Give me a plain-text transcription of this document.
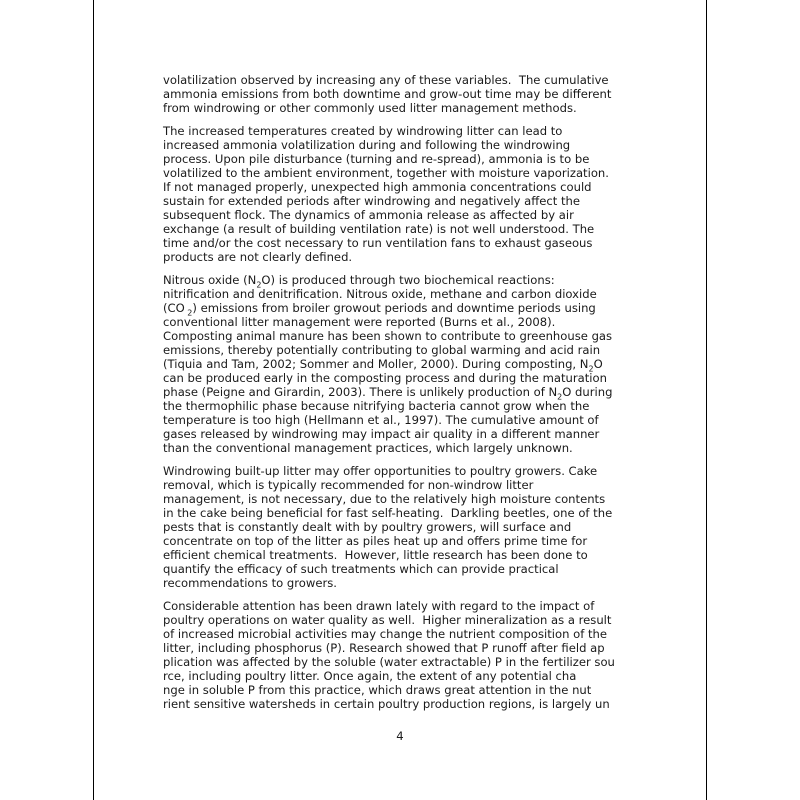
volatilization observed by increasing any of these variables.  The cumulative
ammonia emissions from both downtime and grow-out time may be different
from windrowing or other commonly used litter management methods.
The increased temperatures created by windrowing litter can lead to
increased ammonia volatilization during and following the windrowing
process. Upon pile disturbance (turning and re-spread), ammonia is to be
volatilized to the ambient environment, together with moisture vaporization.
If not managed properly, unexpected high ammonia concentrations could
sustain for extended periods after windrowing and negatively affect the
subsequent flock. The dynamics of ammonia release as affected by air
exchange (a result of building ventilation rate) is not well understood. The
time and/or the cost necessary to run ventilation fans to exhaust gaseous
products are not clearly defined.
Nitrous oxide $(N_2O)$ is produced through two biochemical reactions:
nitrification and denitrification. Nitrous oxide, methane and carbon dioxide
(CO $_2$) emissions from broiler growout periods and downtime periods using
conventional litter management were reported (Burns et al., 2008).
Composting animal manure has been shown to contribute to greenhouse gas
emissions, thereby potentially contributing to global warming and acid rain
(Tiquia and Tam, 2002; Sommer and Moller, 2000). During composting, $N_2O$
can be produced early in the composting process and during the maturation
phase (Peigne and Girardin, 2003). There is unlikely production of $N_2O$ during
the thermophilic phase because nitrifying bacteria cannot grow when the
temperature is too high (Hellmann et al., 1997). The cumulative amount of
gases released by windrowing may impact air quality in a different manner
than the conventional management practices, which largely unknown.
Windrowing built-up litter may offer opportunities to poultry growers. Cake
removal, which is typically recommended for non-windrow litter
management, is not necessary, due to the relatively high moisture contents
in the cake being beneficial for fast self-heating.  Darkling beetles, one of the
pests that is constantly dealt with by poultry growers, will surface and
concentrate on top of the litter as piles heat up and offers prime time for
efficient chemical treatments.  However, little research has been done to
quantify the efficacy of such treatments which can provide practical
recommendations to growers.
Considerable attention has been drawn lately with regard to the impact of
poultry operations on water quality as well.  Higher mineralization as a result
of increased microbial activities may change the nutrient composition of the
litter, including phosphorus (P). Research showed that P runoff after field ap
plication was affected by the soluble (water extractable) P in the fertilizer sou
rce, including poultry litter. Once again, the extent of any potential cha
nge in soluble P from this practice, which draws great attention in the nut
rient sensitive watersheds in certain poultry production regions, is largely un
4
